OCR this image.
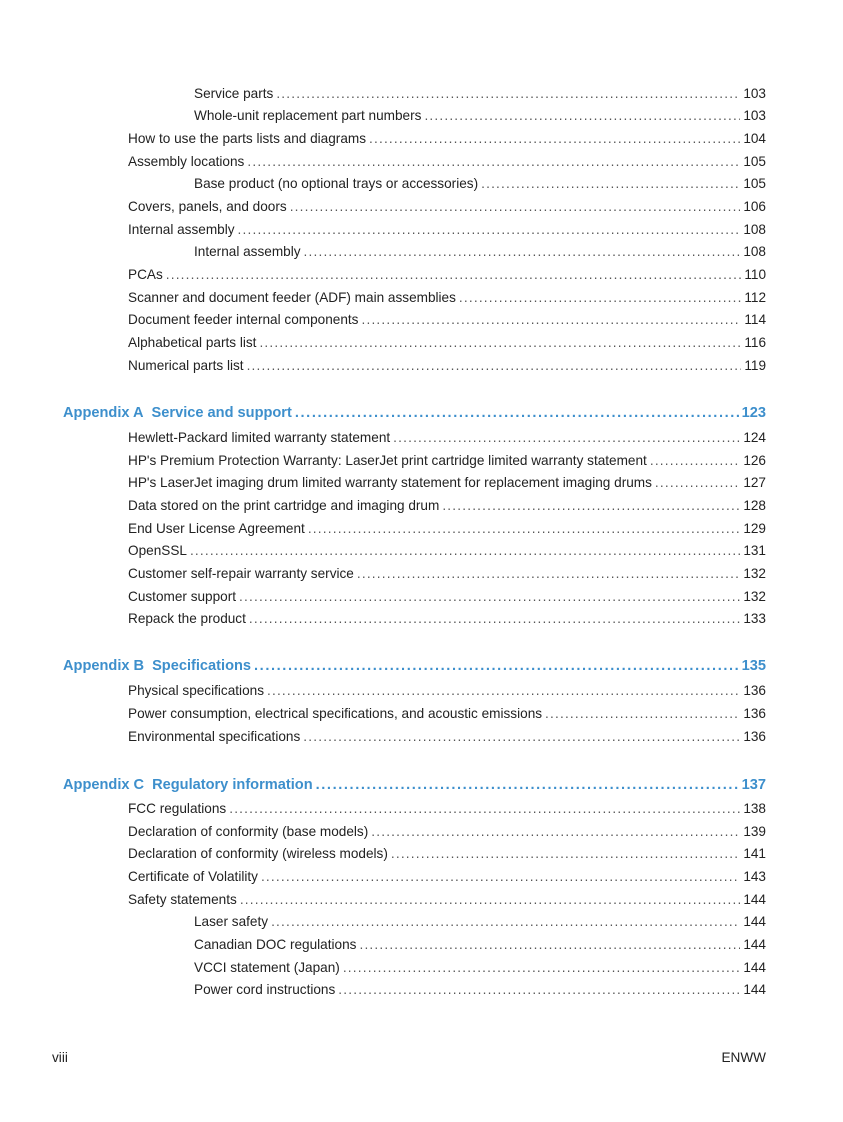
Service parts .....	103
Whole-unit replacement part numbers .....	103
How to use the parts lists and diagrams .....	104
Assembly locations .....	105
Base product (no optional trays or accessories) .....	105
Covers, panels, and doors .....	106
Internal assembly .....	108
Internal assembly .....	108
PCAs .....	110
Scanner and document feeder (ADF) main assemblies .....	112
Document feeder internal components .....	114
Alphabetical parts list .....	116
Numerical parts list .....	119
Appendix A Service and support .....	123
Hewlett-Packard limited warranty statement .....	124
HP's Premium Protection Warranty: LaserJet print cartridge limited warranty statement .....	126
HP's LaserJet imaging drum limited warranty statement for replacement imaging drums .....	127
Data stored on the print cartridge and imaging drum .....	128
End User License Agreement .....	129
OpenSSL .....	131
Customer self-repair warranty service .....	132
Customer support .....	132
Repack the product .....	133
Appendix B Specifications .....	135
Physical specifications .....	136
Power consumption, electrical specifications, and acoustic emissions .....	136
Environmental specifications .....	136
Appendix C Regulatory information .....	137
FCC regulations .....	138
Declaration of conformity (base models) .....	139
Declaration of conformity (wireless models) .....	141
Certificate of Volatility .....	143
Safety statements .....	144
Laser safety .....	144
Canadian DOC regulations .....	144
VCCI statement (Japan) .....	144
Power cord instructions .....	144
viii	ENWW
